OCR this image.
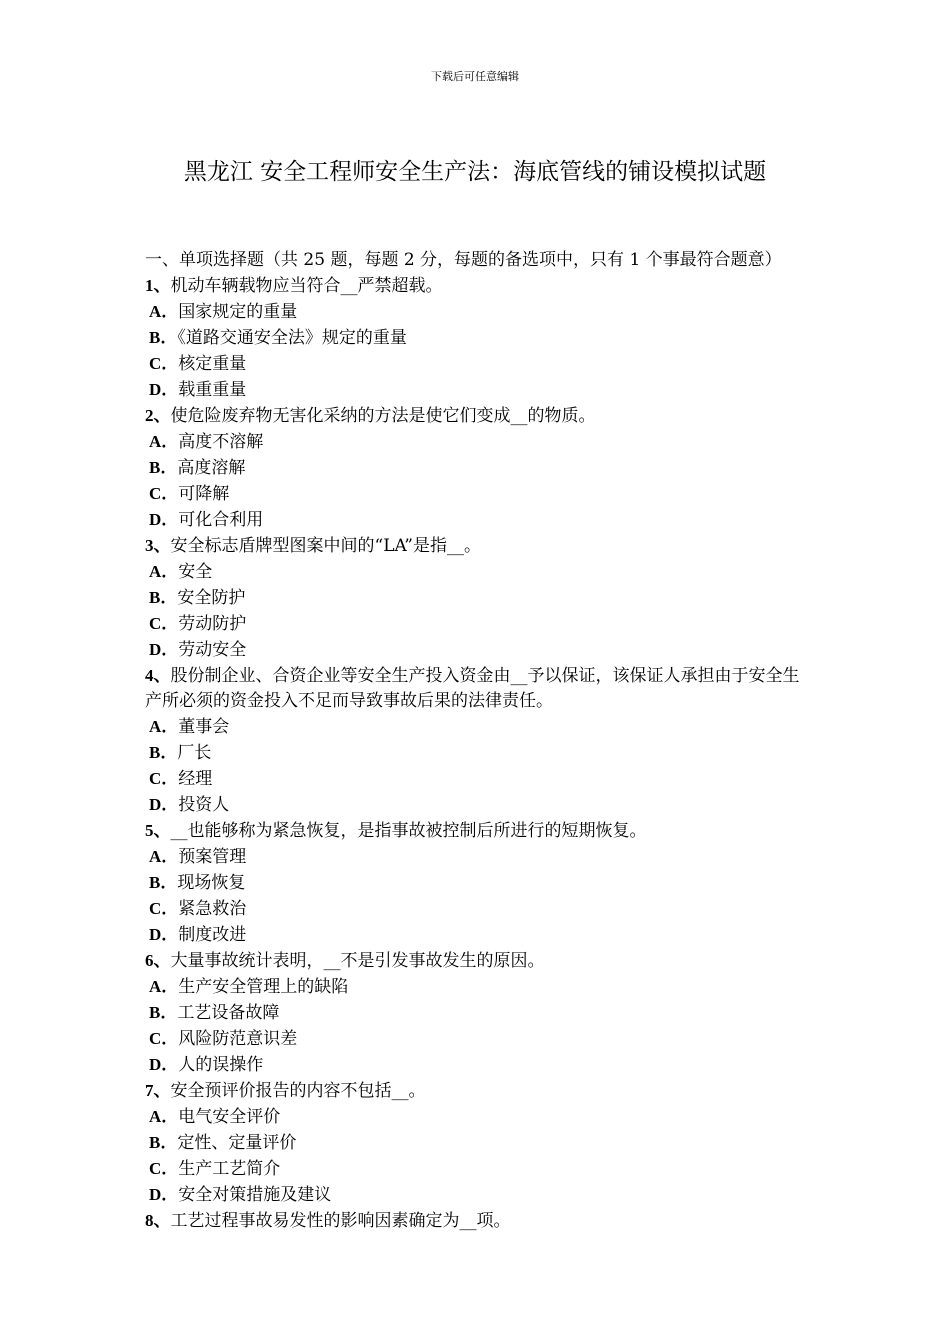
下载后可任意编辑
黑龙江 安全工程师安全生产法：海底管线的铺设模拟试题

一、单项选择题（共 25 题，每题 2 分，每题的备选项中，只有 1 个事最符合题意）

1、机动车辆载物应当符合__严禁超载。

A．国家规定的重量

B．《道路交通安全法》规定的重量

C．核定重量

D．载重重量

2、使危险废弃物无害化采纳的方法是使它们变成__的物质。

A．高度不溶解

B．高度溶解

C．可降解

D．可化合利用

3、安全标志盾牌型图案中间的“LA”是指__。

A．安全

B．安全防护

C．劳动防护

D．劳动安全

4、股份制企业、合资企业等安全生产投入资金由__予以保证，该保证人承担由于安全生产所必须的资金投入不足而导致事故后果的法律责任。

A．董事会

B．厂长

C．经理

D．投资人

5、__也能够称为紧急恢复，是指事故被控制后所进行的短期恢复。

A．预案管理

B．现场恢复

C．紧急救治

D．制度改进

6、大量事故统计表明，__不是引发事故发生的原因。

A．生产安全管理上的缺陷

B．工艺设备故障

C．风险防范意识差

D．人的误操作

7、安全预评价报告的内容不包括__。

A．电气安全评价

B．定性、定量评价

C．生产工艺简介

D．安全对策措施及建议

8、工艺过程事故易发性的影响因素确定为__项。
